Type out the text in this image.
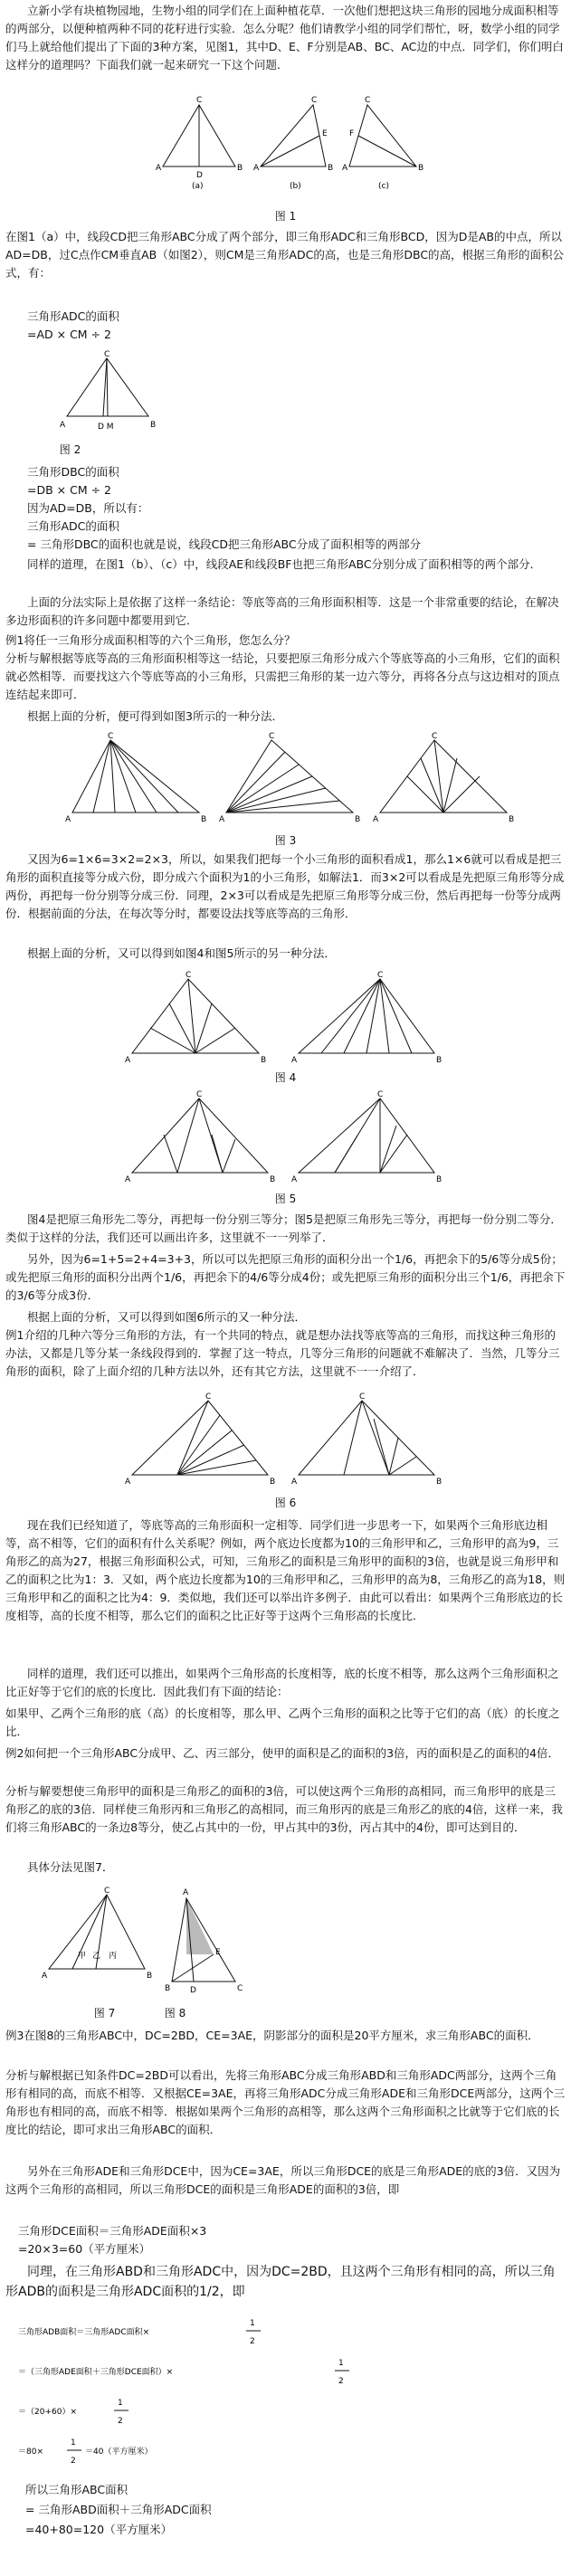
立新小学有块植物园地，生物小组的同学们在上面种植花草．一次他们想把这块三角形的园地分成面积相等的两部分，以便种植两种不同的花籽进行实验．怎么分呢？他们请教学小组的同学们帮忙，呀，数学小组的同学们马上就给他们提出了下面的3种方案，见图1，其中D、E、F分别是AB、BC、AC边的中点．同学们，你们明白这样分的道理吗？下面我们就一起来研究一下这个问题．

A	B
C
D
A	B
C
E
A	B
C
F
(a)	(b)	(c)
图 1

在图1（a）中，线段CD把三角形ABC分成了两个部分，即三角形ADC和三角形BCD，因为D是AB的中点，所以AD=DB，过C点作CM垂直AB（如图2），则CM是三角形ADC的高，也是三角形DBC的高，根据三角形的面积公式，有：

三角形ADC的面积

=AD × CM ÷ 2

C
A	B
D M
图 2

三角形DBC的面积

=DB × CM ÷ 2

因为AD=DB，所以有：

三角形ADC的面积

= 三角形DBC的面积也就是说，线段CD把三角形ABC分成了面积相等的两部分

同样的道理，在图1（b）、（c）中，线段AE和线段BF也把三角形ABC分别分成了面积相等的两个部分．

上面的分法实际上是依据了这样一条结论：等底等高的三角形面积相等．这是一个非常重要的结论，在解决多边形面积的许多问题中都要用到它．

例1将任一三角形分成面积相等的六个三角形，您怎么分？

分析与解根据等底等高的三角形面积相等这一结论，只要把原三角形分成六个等底等高的小三角形，它们的面积就必然相等．而要找这六个等底等高的小三角形，只需把三角形的某一边六等分，再将各分点与这边相对的顶点连结起来即可．

根据上面的分析，便可得到如图3所示的一种分法．

A	B
C
A	B
C
A	B
C
图 3

又因为6=1×6=3×2=2×3，所以，如果我们把每一个小三角形的面积看成1，那么1×6就可以看成是把三角形的面积直接等分成六份，即分成六个面积为1的小三角形，如解法1．而3×2可以看成是先把原三角形等分成两份，再把每一份分别等分成三份．同理，2×3可以看成是先把原三角形等分成三份，然后再把每一份等分成两份．根据前面的分法，在每次等分时，都要设法找等底等高的三角形．

根据上面的分析，又可以得到如图4和图5所示的另一种分法．

A	B
C
A	B
C
图 4
A	B
C
A	B
C
图 5

图4是把原三角形先二等分，再把每一份分别三等分；图5是把原三角形先三等分，再把每一份分别二等分．类似于这样的分法，我们还可以画出许多，这里就不一一列举了．

另外，因为6=1+5=2+4=3+3，所以可以先把原三角形的面积分出一个1/6，再把余下的5/6等分成5份；或先把原三角形的面积分出两个1/6，再把余下的4/6等分成4份；或先把原三角形的面积分出三个1/6，再把余下的3/6等分成3份．

根据上面的分析，又可以得到如图6所示的又一种分法．

例1介绍的几种六等分三角形的方法，有一个共同的特点，就是想办法找等底等高的三角形，而找这种三角形的办法，又都是几等分某一条线段得到的．掌握了这一特点，几等分三角形的问题就不难解决了．当然，几等分三角形的面积，除了上面介绍的几种方法以外，还有其它方法，这里就不一一介绍了．

A	B
C
A	B
C
图 6

现在我们已经知道了，等底等高的三角形面积一定相等．同学们进一步思考一下，如果两个三角形底边相等，高不相等，它们的面积有什么关系呢？例如，两个底边长度都为10的三角形甲和乙，三角形甲的高为9，三角形乙的高为27，根据三角形面积公式，可知，三角形乙的面积是三角形甲的面积的3倍，也就是说三角形甲和乙的面积之比为1：3．又如，两个底边长度都为10的三角形甲和乙，三角形甲的高为8，三角形乙的高为18，则三角形甲和乙的面积之比为4：9．类似地，我们还可以举出许多例子．由此可以看出：如果两个三角形底边的长度相等，高的长度不相等，那么它们的面积之比正好等于这两个三角形高的长度比．

同样的道理，我们还可以推出，如果两个三角形高的长度相等，底的长度不相等，那么这两个三角形面积之比正好等于它们的底的长度比．因此我们有下面的结论：

如果甲、乙两个三角形的底（高）的长度相等，那么甲、乙两个三角形的面积之比等于它们的高（底）的长度之比．

例2如何把一个三角形ABC分成甲、乙、丙三部分，使甲的面积是乙的面积的3倍，丙的面积是乙的面积的4倍．

分析与解要想使三角形甲的面积是三角形乙的面积的3倍，可以使这两个三角形的高相同，而三角形甲的底是三角形乙的底的3倍．同样使三角形丙和三角形乙的高相同，而三角形丙的底是三角形乙的底的4倍，这样一来，我们将三角形ABC的一条边8等分，使乙占其中的一份，甲占其中的3份，丙占其中的4份，即可达到目的．

具体分法见图7．

甲 乙 丙
A	B
C	A
B	C
D
E
图 7	图 8

例3在图8的三角形ABC中，DC=2BD，CE=3AE，阴影部分的面积是20平方厘米，求三角形ABC的面积．

分析与解根据已知条件DC=2BD可以看出，先将三角形ABC分成三角形ABD和三角形ADC两部分，这两个三角形有相同的高，而底不相等．又根据CE=3AE，再将三角形ADC分成三角形ADE和三角形DCE两部分，这两个三角形也有相同的高，而底不相等．根据如果两个三角形的高相等，那么这两个三角形面积之比就等于它们底的长度比的结论，即可求出三角形ABC的面积．

另外在三角形ADE和三角形DCE中，因为CE=3AE，所以三角形DCE的底是三角形ADE的底的3倍．又因为这两个三角形的高相同，所以三角形DCE的面积是三角形ADE的面积的3倍，即

三角形DCE面积＝三角形ADE面积×3

=20×3=60（平方厘米）

同理，在三角形ABD和三角形ADC中，因为DC=2BD，且这两个三角形有相同的高，所以三角形ADB的面积是三角形ADC面积的1/2，即

三角形ADB面积＝三角形ADC面积×
1
2
＝（三角形ADE面积＋三角形DCE面积）×
1
2
＝（20+60）×
1
2
＝80×
1
2
＝40（平方厘米）

所以三角形ABC面积

= 三角形ABD面积＋三角形ADC面积

=40+80=120（平方厘米）
